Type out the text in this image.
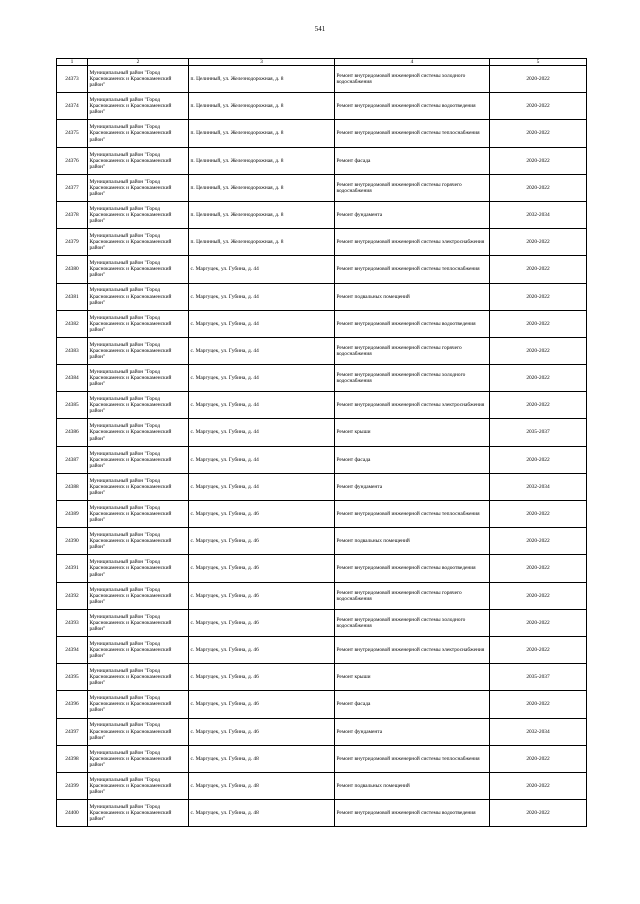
541
1	2	3	4	5
24373	Муниципальный район "Город Краснокаменск и Краснокаменский район"	п. Целинный, ул. Железнодорожная, д. 8	Ремонт внутридомовой инженерной системы холодного водоснабжения	2020-2022
24374	Муниципальный район "Город Краснокаменск и Краснокаменский район"	п. Целинный, ул. Железнодорожная, д. 8	Ремонт внутридомовой инженерной системы водоотведения	2020-2022
24375	Муниципальный район "Город Краснокаменск и Краснокаменский район"	п. Целинный, ул. Железнодорожная, д. 8	Ремонт внутридомовой инженерной системы теплоснабжения	2020-2022
24376	Муниципальный район "Город Краснокаменск и Краснокаменский район"	п. Целинный, ул. Железнодорожная, д. 8	Ремонт фасада	2020-2022
24377	Муниципальный район "Город Краснокаменск и Краснокаменский район"	п. Целинный, ул. Железнодорожная, д. 8	Ремонт внутридомовой инженерной системы горячего водоснабжения	2020-2022
24378	Муниципальный район "Город Краснокаменск и Краснокаменский район"	п. Целинный, ул. Железнодорожная, д. 8	Ремонт фундамента	2032-2034
24379	Муниципальный район "Город Краснокаменск и Краснокаменский район"	п. Целинный, ул. Железнодорожная, д. 8	Ремонт внутридомовой инженерной системы электроснабжения	2020-2022
24380	Муниципальный район "Город Краснокаменск и Краснокаменский район"	с. Маргуцек, ул. Губина, д. 44	Ремонт внутридомовой инженерной системы теплоснабжения	2020-2022
24381	Муниципальный район "Город Краснокаменск и Краснокаменский район"	с. Маргуцек, ул. Губина, д. 44	Ремонт подвальных помещений	2020-2022
24382	Муниципальный район "Город Краснокаменск и Краснокаменский район"	с. Маргуцек, ул. Губина, д. 44	Ремонт внутридомовой инженерной системы водоотведения	2020-2022
24383	Муниципальный район "Город Краснокаменск и Краснокаменский район"	с. Маргуцек, ул. Губина, д. 44	Ремонт внутридомовой инженерной системы горячего водоснабжения	2020-2022
24384	Муниципальный район "Город Краснокаменск и Краснокаменский район"	с. Маргуцек, ул. Губина, д. 44	Ремонт внутридомовой инженерной системы холодного водоснабжения	2020-2022
24385	Муниципальный район "Город Краснокаменск и Краснокаменский район"	с. Маргуцек, ул. Губина, д. 44	Ремонт внутридомовой инженерной системы электроснабжения	2020-2022
24386	Муниципальный район "Город Краснокаменск и Краснокаменский район"	с. Маргуцек, ул. Губина, д. 44	Ремонт крыши	2035-2037
24387	Муниципальный район "Город Краснокаменск и Краснокаменский район"	с. Маргуцек, ул. Губина, д. 44	Ремонт фасада	2020-2022
24388	Муниципальный район "Город Краснокаменск и Краснокаменский район"	с. Маргуцек, ул. Губина, д. 44	Ремонт фундамента	2032-2034
24389	Муниципальный район "Город Краснокаменск и Краснокаменский район"	с. Маргуцек, ул. Губина, д. 46	Ремонт внутридомовой инженерной системы теплоснабжения	2020-2022
24390	Муниципальный район "Город Краснокаменск и Краснокаменский район"	с. Маргуцек, ул. Губина, д. 46	Ремонт подвальных помещений	2020-2022
24391	Муниципальный район "Город Краснокаменск и Краснокаменский район"	с. Маргуцек, ул. Губина, д. 46	Ремонт внутридомовой инженерной системы водоотведения	2020-2022
24392	Муниципальный район "Город Краснокаменск и Краснокаменский район"	с. Маргуцек, ул. Губина, д. 46	Ремонт внутридомовой инженерной системы горячего водоснабжения	2020-2022
24393	Муниципальный район "Город Краснокаменск и Краснокаменский район"	с. Маргуцек, ул. Губина, д. 46	Ремонт внутридомовой инженерной системы холодного водоснабжения	2020-2022
24394	Муниципальный район "Город Краснокаменск и Краснокаменский район"	с. Маргуцек, ул. Губина, д. 46	Ремонт внутридомовой инженерной системы электроснабжения	2020-2022
24395	Муниципальный район "Город Краснокаменск и Краснокаменский район"	с. Маргуцек, ул. Губина, д. 46	Ремонт крыши	2035-2037
24396	Муниципальный район "Город Краснокаменск и Краснокаменский район"	с. Маргуцек, ул. Губина, д. 46	Ремонт фасада	2020-2022
24397	Муниципальный район "Город Краснокаменск и Краснокаменский район"	с. Маргуцек, ул. Губина, д. 46	Ремонт фундамента	2032-2034
24398	Муниципальный район "Город Краснокаменск и Краснокаменский район"	с. Маргуцек, ул. Губина, д. 48	Ремонт внутридомовой инженерной системы теплоснабжения	2020-2022
24399	Муниципальный район "Город Краснокаменск и Краснокаменский район"	с. Маргуцек, ул. Губина, д. 48	Ремонт подвальных помещений	2020-2022
24400	Муниципальный район "Город Краснокаменск и Краснокаменский район"	с. Маргуцек, ул. Губина, д. 48	Ремонт внутридомовой инженерной системы водоотведения	2020-2022
